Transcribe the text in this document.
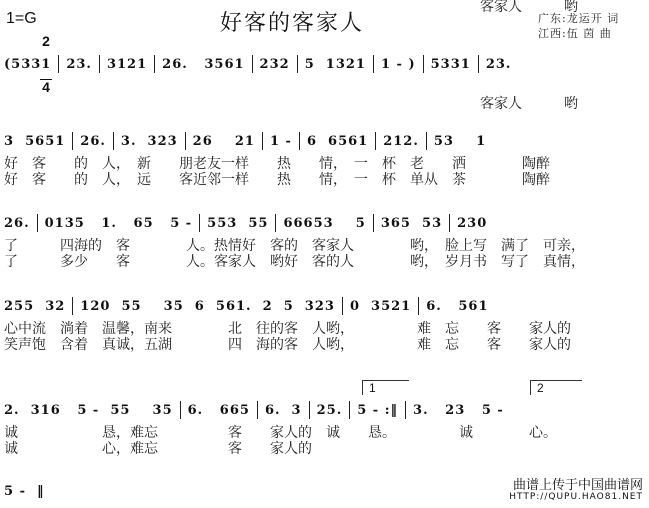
1=G

2

4

好客的客家人	广东:龙运开 词
江西:伍 茵 曲
(5331 23. 3121 26.   3561 232 5  1321 1 - ) 5331 23.
　　　　　　　　　　　　　　　　　　　　　　　　　　　　　　　　　　客家人　　　哟
　　　　　　　　　　　　　　　　　　　　　　　　　　　　　　　　　　客家人　　　哟
3  5651 26. 3.  323 26    21 1 - 6  6561 212. 53    1
好　客　　的　人，　新　　朋老友一样　　热　　情，　一　杯　老　　洒　　　　陶醉
好　客　　的　人，　远　　客近邻一样　　热　　情，　一　杯　单从　茶　　　　陶醉
26. 0135   1.   65   5 - 553  55 66653    5 365  53 230
了　　　四海的　客　　　　人。热情好　客的　客家人　　　　哟，　脸上写　满了　可亲，
了　　　多少　　客　　　　人。客家人　哟好　客的人　　　　哟，　岁月书　写了　真情，
255  32 120  55    35  6  561.  2  5  323 0  3521 6.   561
心中流　淌着　温馨，南来　　　　北　往的客　人哟，　　　　　难　忘　　客　　家人的
笑声饱　含着　真诚，五湖　　　　四　海的客　人哟，　　　　　难　忘　　客　　家人的
2.  316   5 -  55    35 6.   665 6.  3 25. 5 - :‖ 3.   23   5 -
诚　　　　　　恳，难忘　　　　　客　　家人的　诚　　恳。　　　　　诚　　　　心。
诚　　　　　　心，难忘　　　　　客　　家人的
5 -  ‖
1	2
曲谱上传于中国曲谱网
HTTP://QUPU.HAO81.NET
